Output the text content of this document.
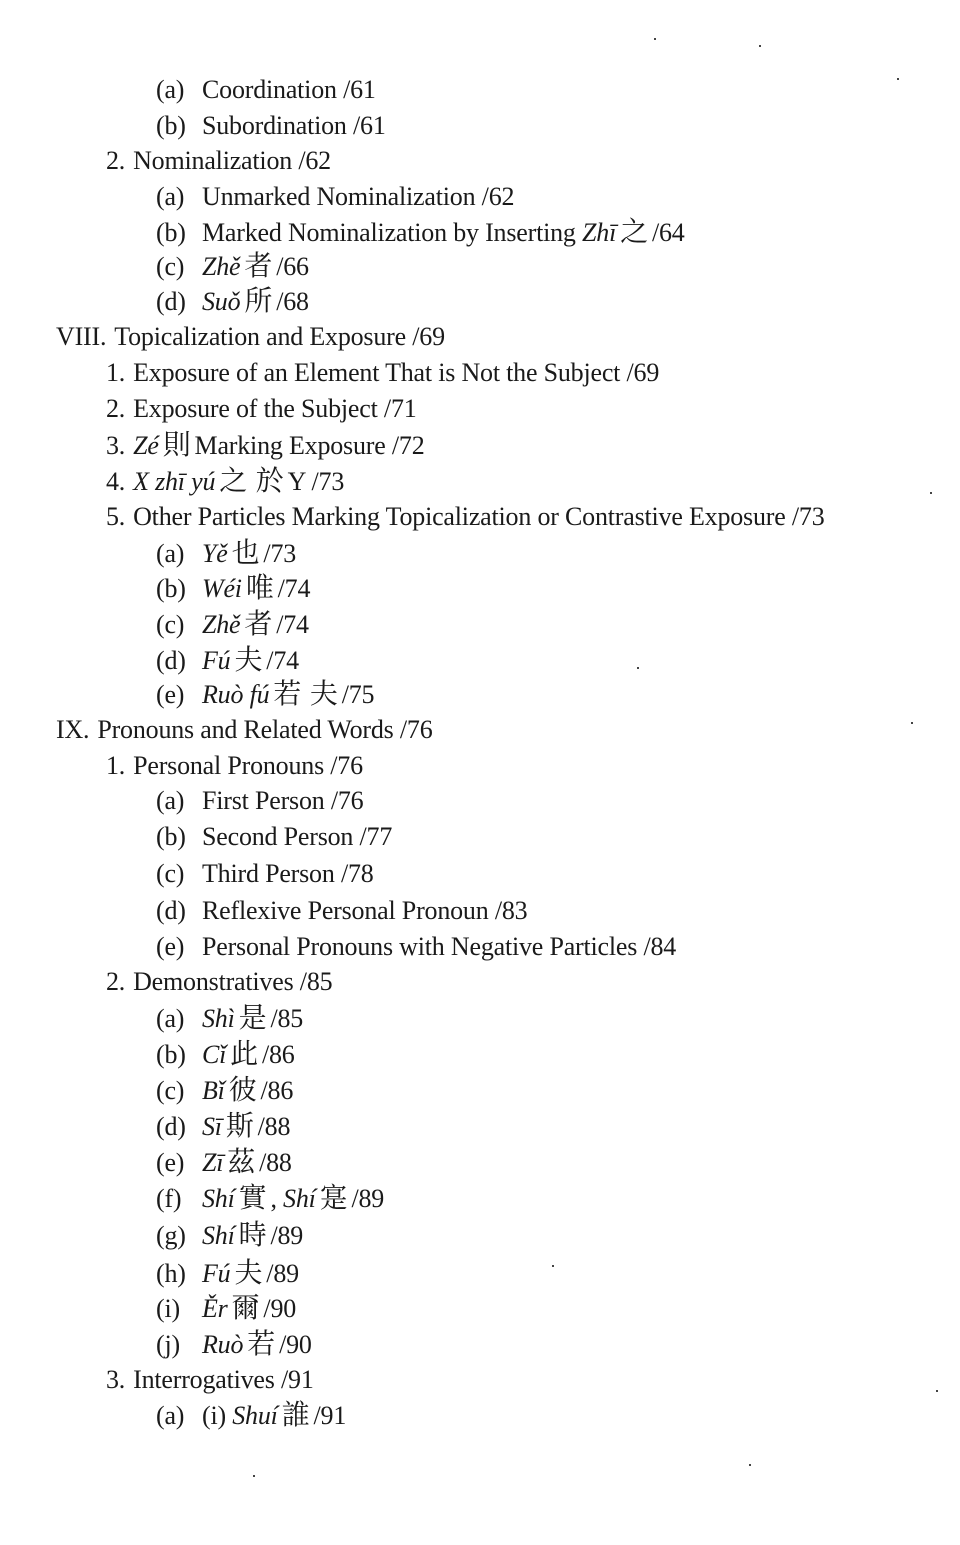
(a) Coordination /61
(b) Subordination /61
2. Nominalization /62
(a) Unmarked Nominalization /62
(b) Marked Nominalization by Inserting Zhī 之 /64
(c) Zhě 者 /66
(d) Suǒ 所 /68
VIII. Topicalization and Exposure /69
1. Exposure of an Element That is Not the Subject /69
2. Exposure of the Subject /71
3. Zé 則 Marking Exposure /72
4. X zhī yú 之 於 Y /73
5. Other Particles Marking Topicalization or Contrastive Exposure /73
(a) Yě 也 /73
(b) Wéi 唯 /74
(c) Zhě 者 /74
(d) Fú 夫 /74
(e) Ruò fú 若 夫 /75
IX. Pronouns and Related Words /76
1. Personal Pronouns /76
(a) First Person /76
(b) Second Person /77
(c) Third Person /78
(d) Reflexive Personal Pronoun /83
(e) Personal Pronouns with Negative Particles /84
2. Demonstratives /85
(a) Shì 是 /85
(b) Cǐ 此 /86
(c) Bǐ 彼 /86
(d) Sī 斯 /88
(e) Zī 茲 /88
(f) Shí 實 , Shí 寔 /89
(g) Shí 時 /89
(h) Fú 夫 /89
(i) Ěr 爾 /90
(j) Ruò 若 /90
3. Interrogatives /91
(a) (i) Shuí 誰 /91
